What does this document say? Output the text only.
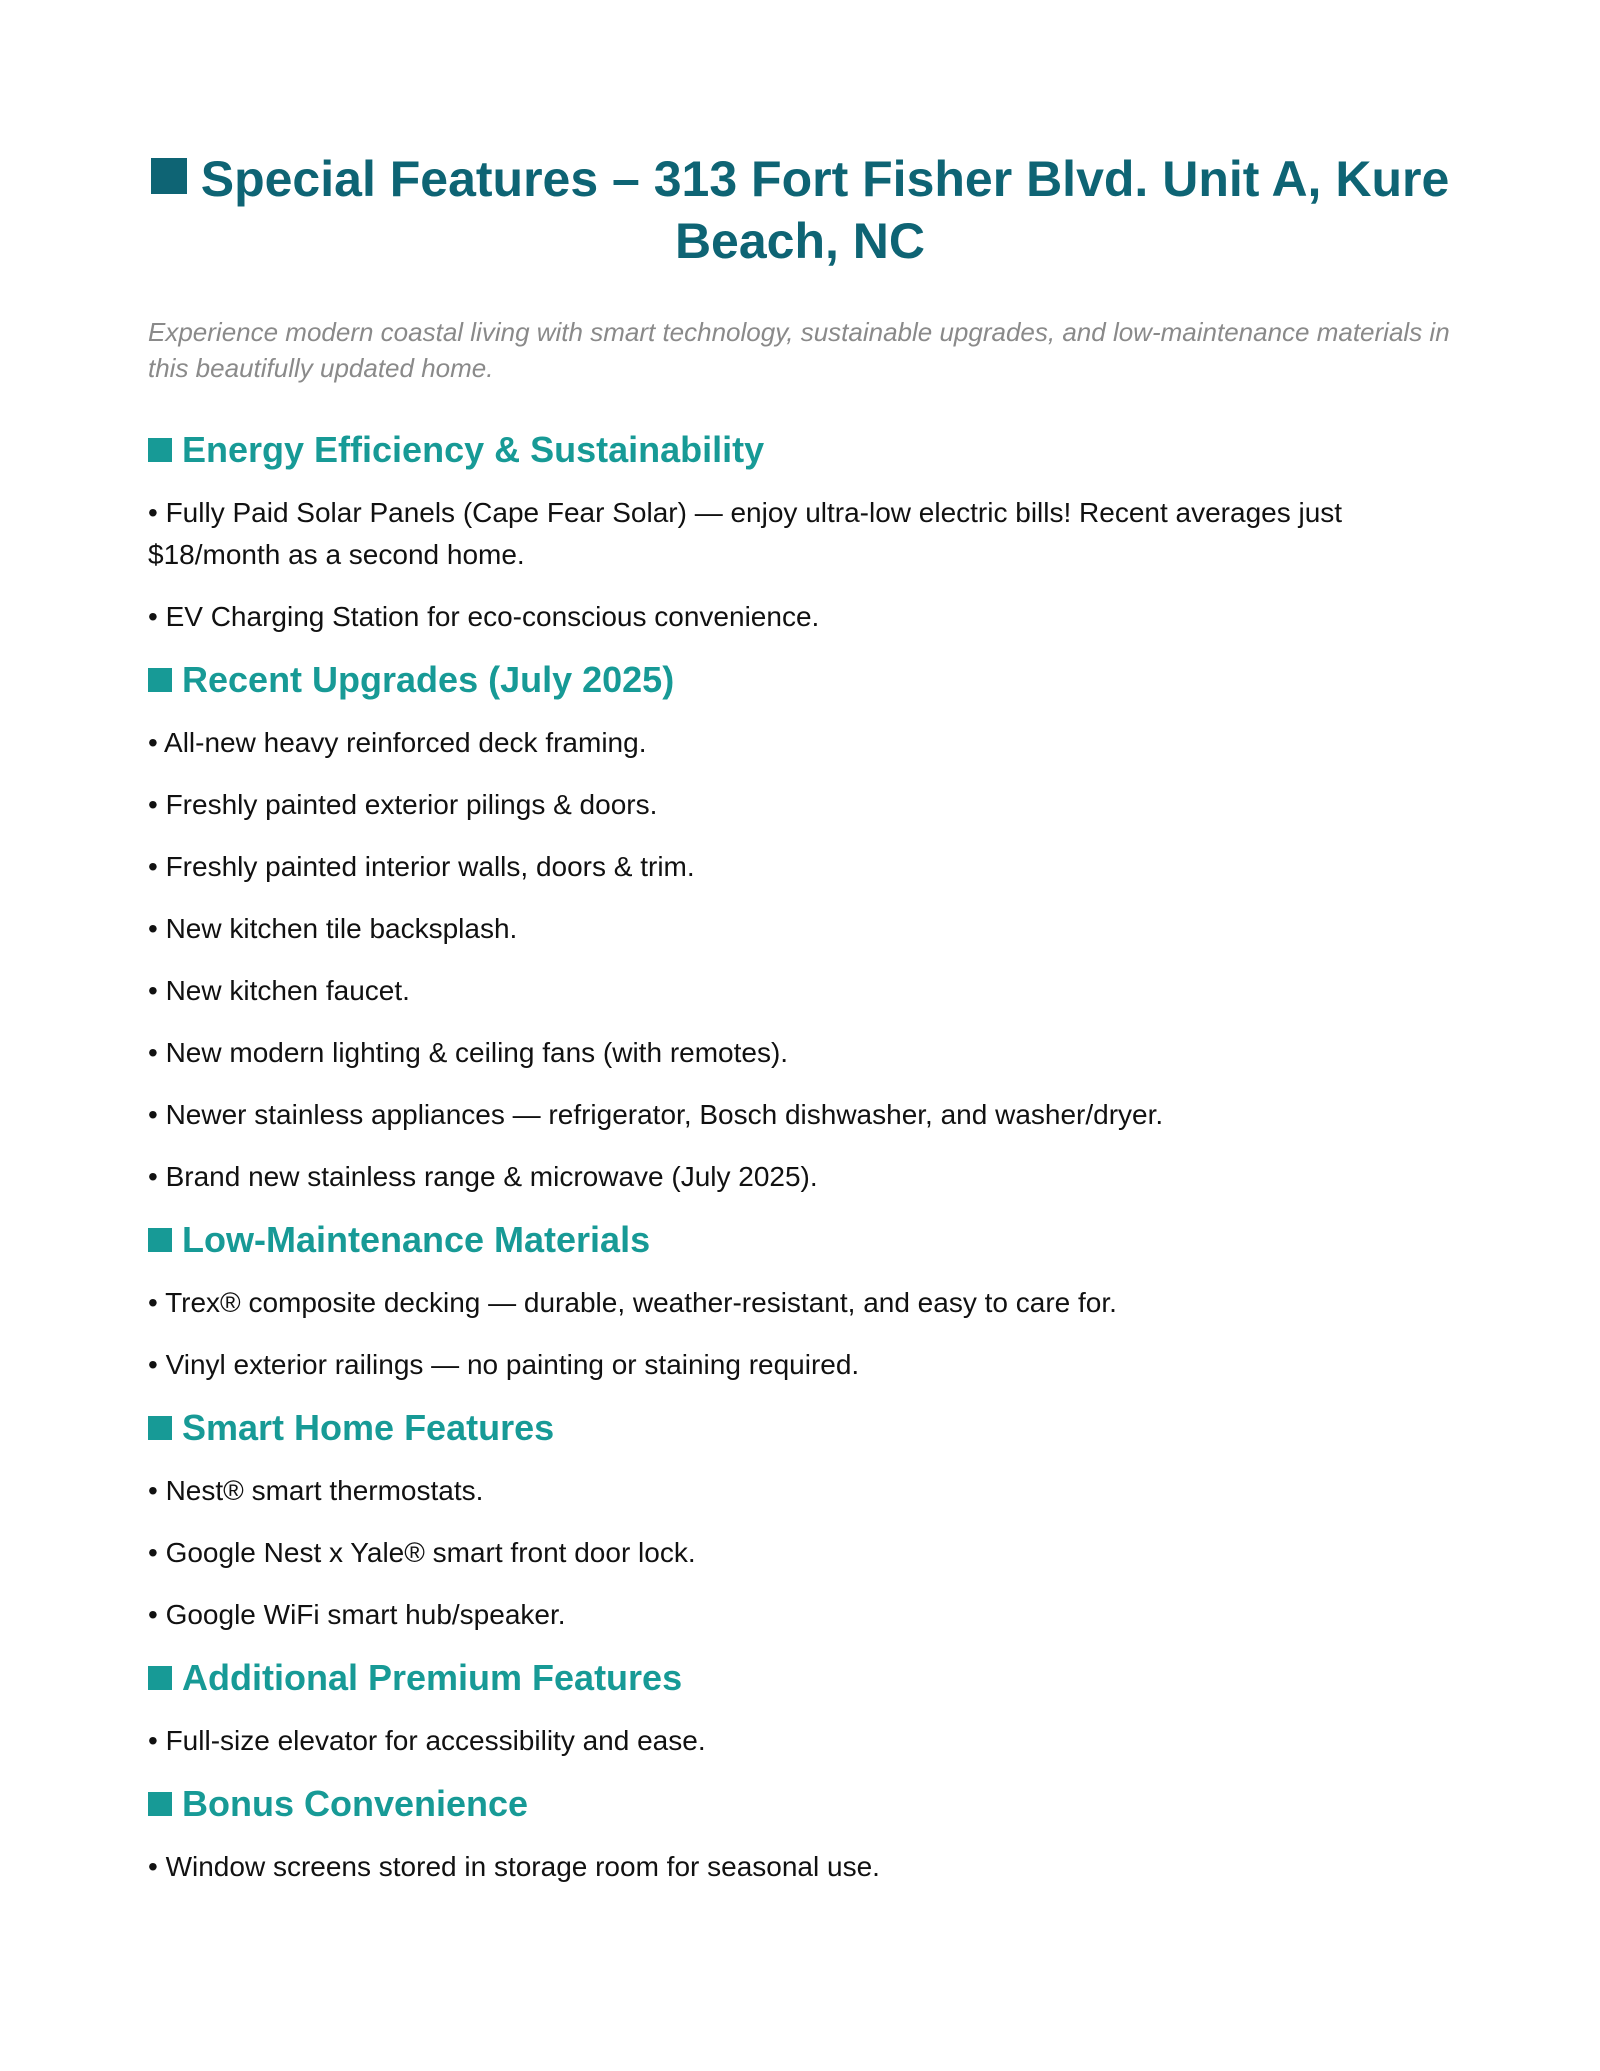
Special Features – 313 Fort Fisher Blvd. Unit A, Kure Beach, NC

Experience modern coastal living with smart technology, sustainable upgrades, and low-maintenance materials in this beautifully updated home.

Energy Efficiency & Sustainability
• Fully Paid Solar Panels (Cape Fear Solar) — enjoy ultra-low electric bills! Recent averages just $18/month as a second home.
• EV Charging Station for eco-conscious convenience.
Recent Upgrades (July 2025)
• All-new heavy reinforced deck framing.
• Freshly painted exterior pilings & doors.
• Freshly painted interior walls, doors & trim.
• New kitchen tile backsplash.
• New kitchen faucet.
• New modern lighting & ceiling fans (with remotes).
• Newer stainless appliances — refrigerator, Bosch dishwasher, and washer/dryer.
• Brand new stainless range & microwave (July 2025).
Low-Maintenance Materials
• Trex® composite decking — durable, weather-resistant, and easy to care for.
• Vinyl exterior railings — no painting or staining required.
Smart Home Features
• Nest® smart thermostats.
• Google Nest x Yale® smart front door lock.
• Google WiFi smart hub/speaker.
Additional Premium Features
• Full-size elevator for accessibility and ease.
Bonus Convenience
• Window screens stored in storage room for seasonal use.
